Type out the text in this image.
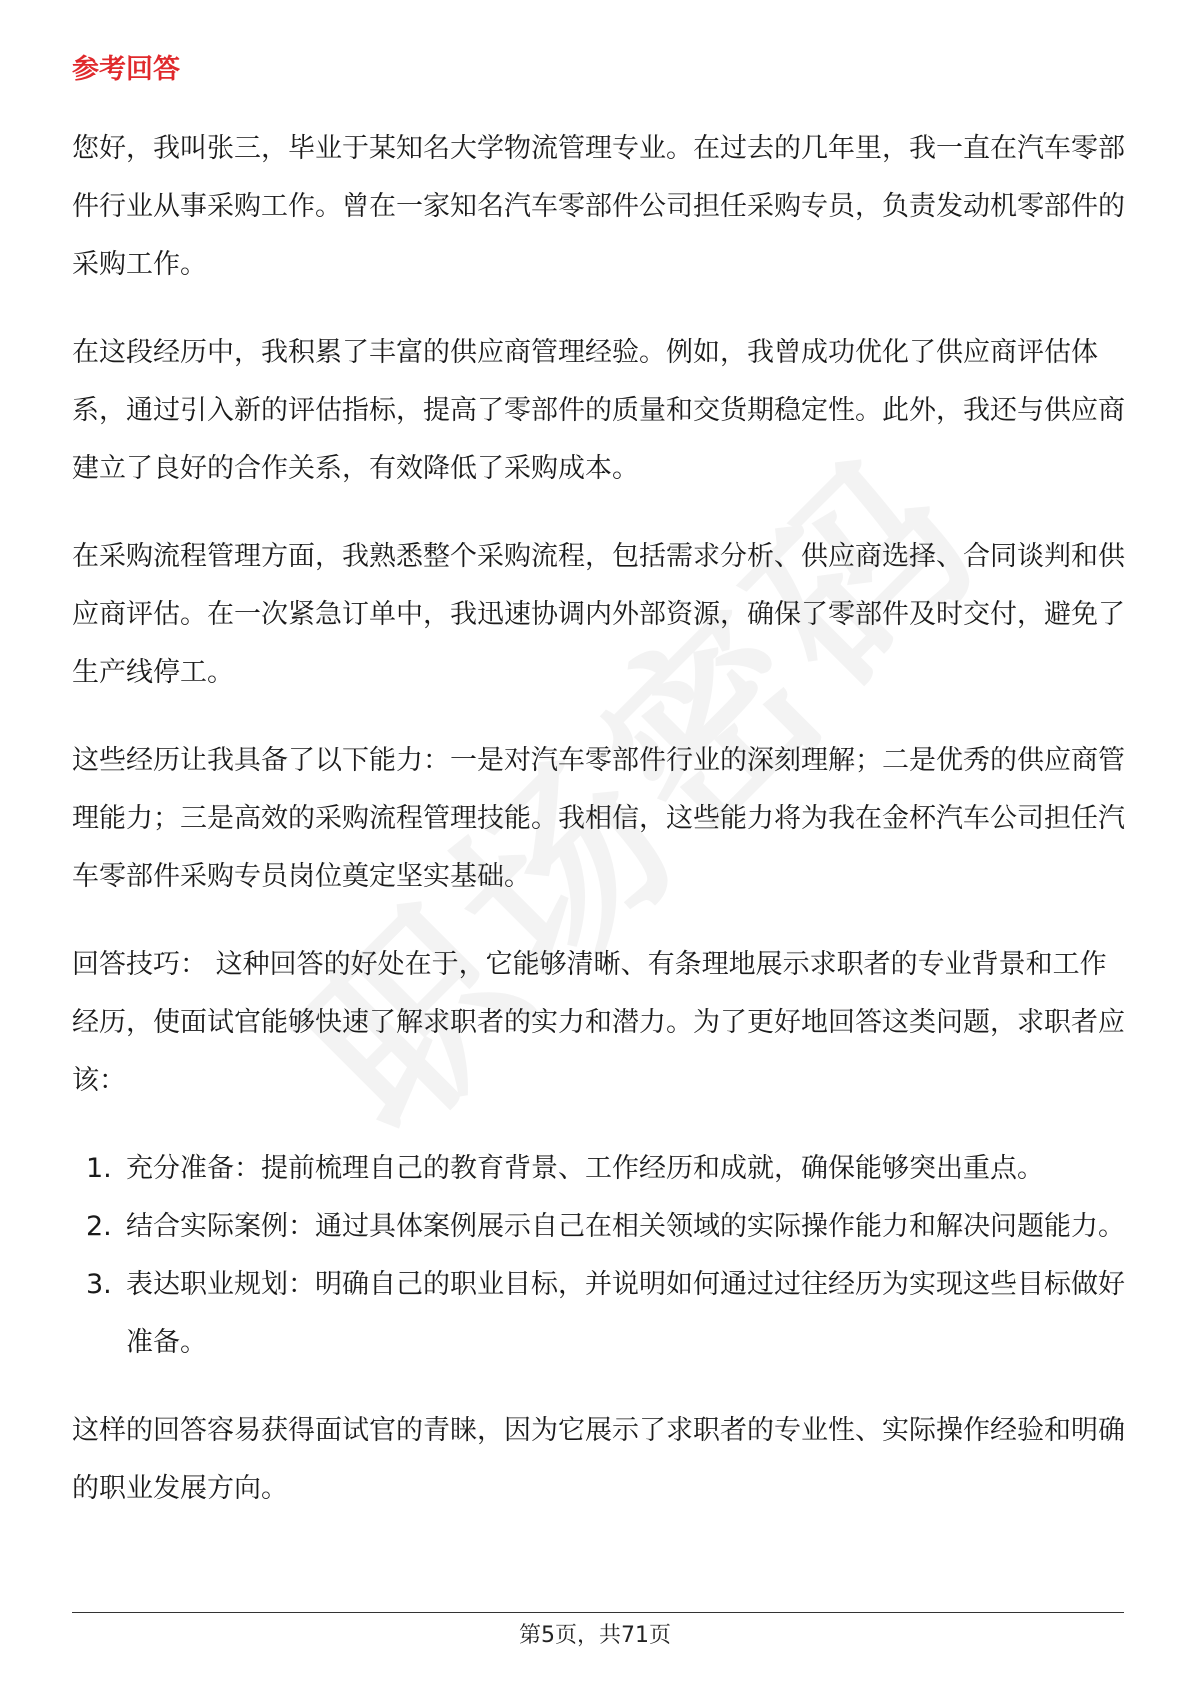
参考回答

您好，我叫张三，毕业于某知名大学物流管理专业。在过去的几年里，我一直在汽车零部件行业从事采购工作。曾在一家知名汽车零部件公司担任采购专员，负责发动机零部件的采购工作。

在这段经历中，我积累了丰富的供应商管理经验。例如，我曾成功优化了供应商评估体系，通过引入新的评估指标，提高了零部件的质量和交货期稳定性。此外，我还与供应商建立了良好的合作关系，有效降低了采购成本。

在采购流程管理方面，我熟悉整个采购流程，包括需求分析、供应商选择、合同谈判和供应商评估。在一次紧急订单中，我迅速协调内外部资源，确保了零部件及时交付，避免了生产线停工。

这些经历让我具备了以下能力：一是对汽车零部件行业的深刻理解；二是优秀的供应商管理能力；三是高效的采购流程管理技能。我相信，这些能力将为我在金杯汽车公司担任汽车零部件采购专员岗位奠定坚实基础。

回答技巧： 这种回答的好处在于，它能够清晰、有条理地展示求职者的专业背景和工作经历，使面试官能够快速了解求职者的实力和潜力。为了更好地回答这类问题，求职者应该：

1. 充分准备：提前梳理自己的教育背景、工作经历和成就，确保能够突出重点。
2. 结合实际案例：通过具体案例展示自己在相关领域的实际操作能力和解决问题能力。
3. 表达职业规划：明确自己的职业目标，并说明如何通过过往经历为实现这些目标做好准备。

这样的回答容易获得面试官的青睐，因为它展示了求职者的专业性、实际操作经验和明确的职业发展方向。

第5页，共71页
